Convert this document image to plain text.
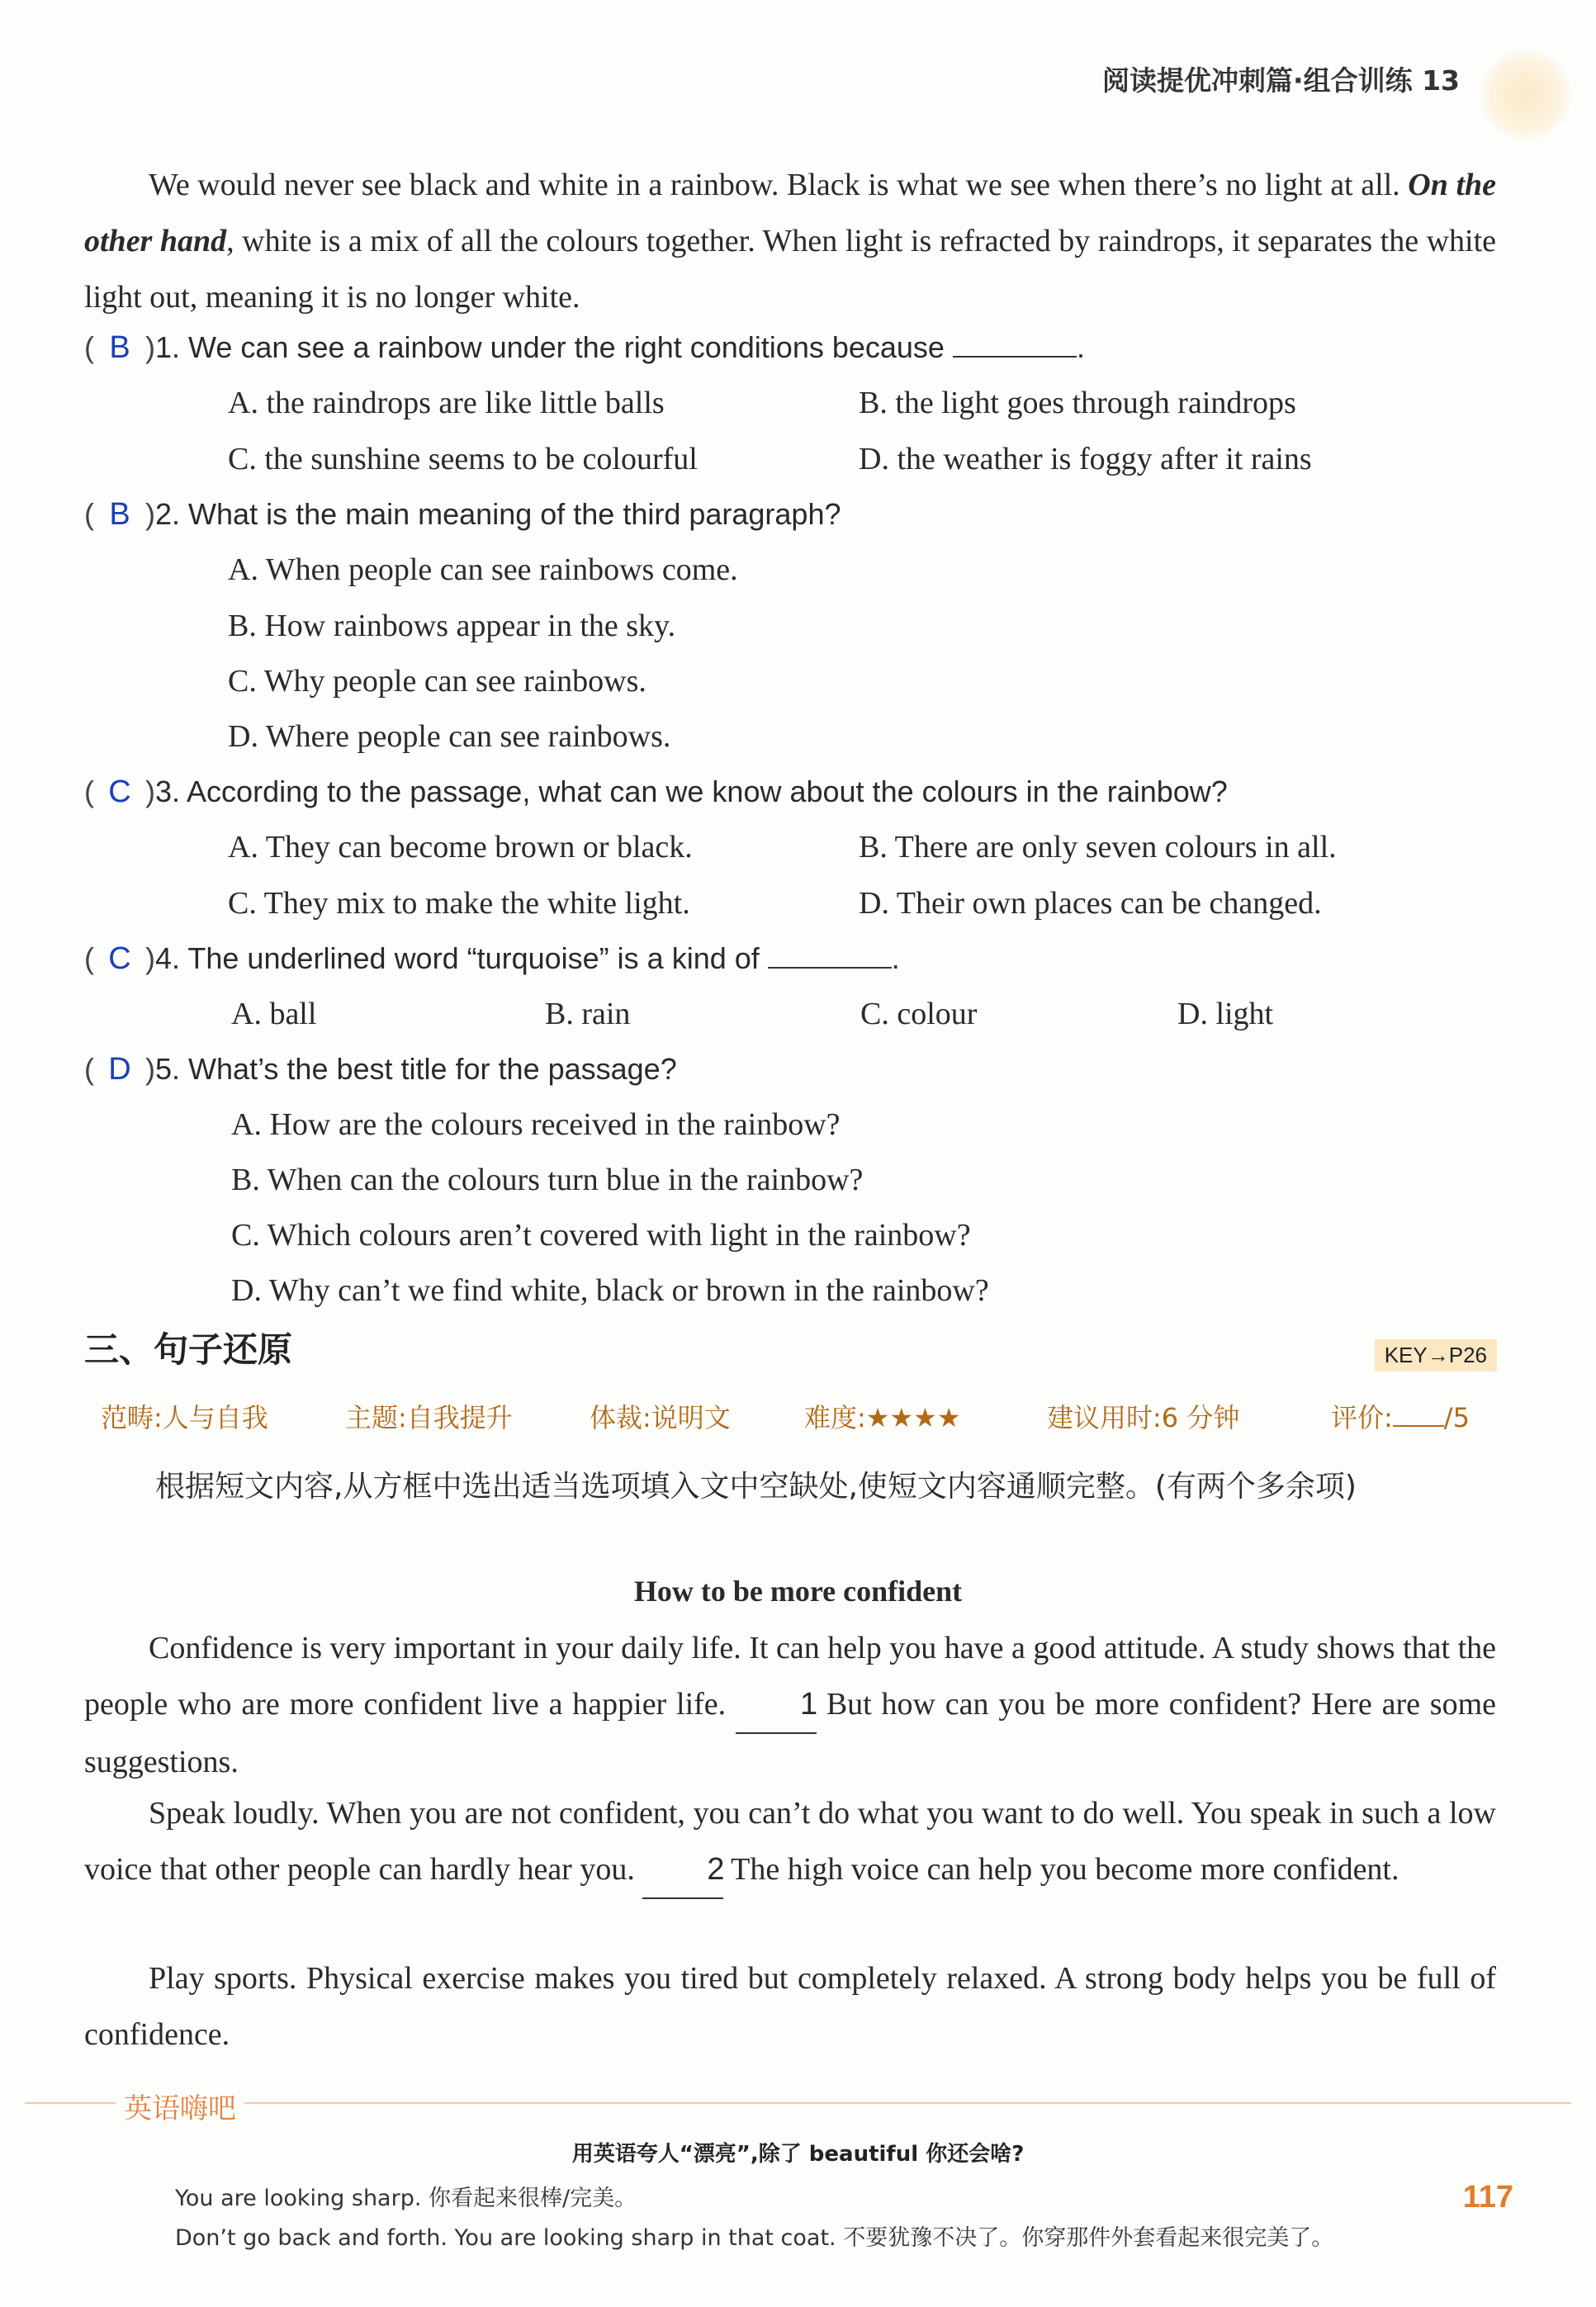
阅读提优冲刺篇·组合训练 13
We would never see black and white in a rainbow. Black is what we see when there’s no light at all. On the other hand, white is a mix of all the colours together. When light is refracted by raindrops, it separates the white light out, meaning it is no longer white.
( B )1. We can see a rainbow under the right conditions because	.
A. the raindrops are like little balls	B. the light goes through raindrops
C. the sunshine seems to be colourful	D. the weather is foggy after it rains
( B )2. What is the main meaning of the third paragraph?
A. When people can see rainbows come.
B. How rainbows appear in the sky.
C. Why people can see rainbows.
D. Where people can see rainbows.
( C )3. According to the passage, what can we know about the colours in the rainbow?
A. They can become brown or black.	B. There are only seven colours in all.
C. They mix to make the white light.	D. Their own places can be changed.
( C )4. The underlined word “turquoise” is a kind of	.
A. ball	B. rain	C. colour	D. light
( D )5. What’s the best title for the passage?
A. How are the colours received in the rainbow?
B. When can the colours turn blue in the rainbow?
C. Which colours aren’t covered with light in the rainbow?
D. Why can’t we find white, black or brown in the rainbow?
三、句子还原	KEY→P26
范畴:人与自我	主题:自我提升	体裁:说明文	难度:★★★★	建议用时:6 分钟	评价: /5
根据短文内容,从方框中选出适当选项填入文中空缺处,使短文内容通顺完整。(有两个多余项)
How to be more confident
Confidence is very important in your daily life. It can help you have a good attitude. A study shows that the people who are more confident live a happier life. 1 But how can you be more confident? Here are some suggestions.
Speak loudly. When you are not confident, you can’t do what you want to do well. You speak in such a low voice that other people can hardly hear you. 2 The high voice can help you become more confident.
Play sports. Physical exercise makes you tired but completely relaxed. A strong body helps you be full of confidence.
英语嗨吧
用英语夸人“漂亮”,除了 beautiful 你还会啥?
You are looking sharp. 你看起来很棒/完美。
Don’t go back and forth. You are looking sharp in that coat. 不要犹豫不决了。你穿那件外套看起来很完美了。
117
